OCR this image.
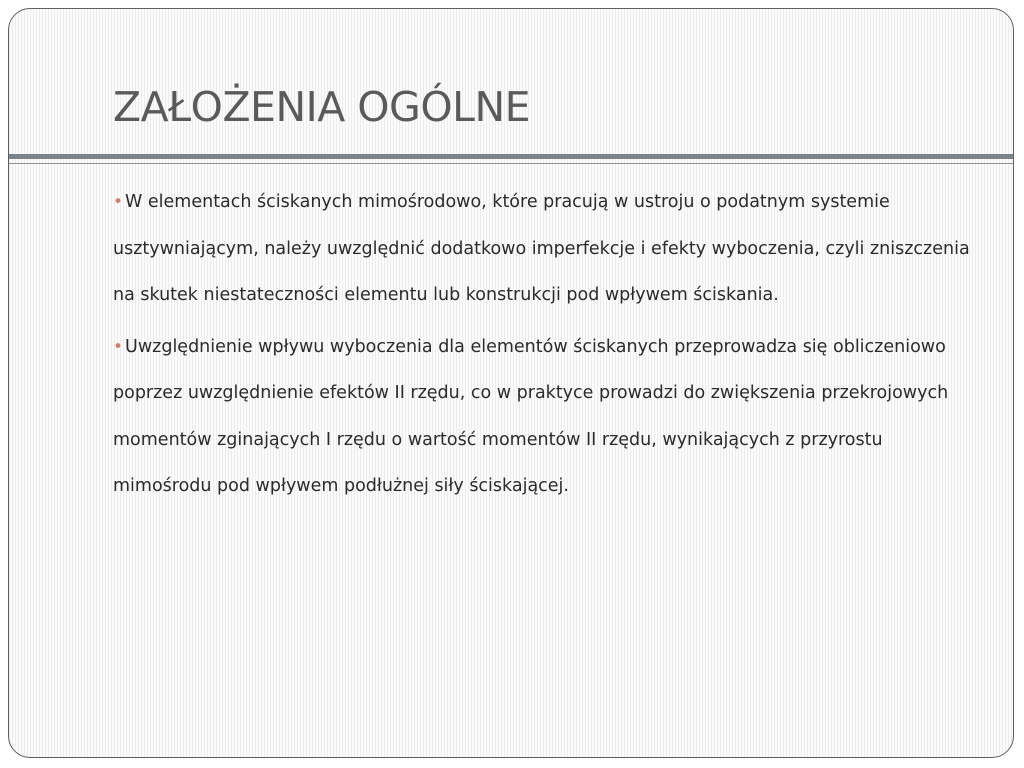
ZAŁOŻENIA OGÓLNE

• W elementach ściskanych mimośrodowo, które pracują w ustroju o podatnym systemie usztywniającym, należy uwzględnić dodatkowo imperfekcje i efekty wyboczenia, czyli zniszczenia na skutek niestateczności elementu lub konstrukcji pod wpływem ściskania.

• Uwzględnienie wpływu wyboczenia dla elementów ściskanych przeprowadza się obliczeniowo poprzez uwzględnienie efektów II rzędu, co w praktyce prowadzi do zwiększenia przekrojowych momentów zginających I rzędu o wartość momentów II rzędu, wynikających z przyrostu mimośrodu pod wpływem podłużnej siły ściskającej.
